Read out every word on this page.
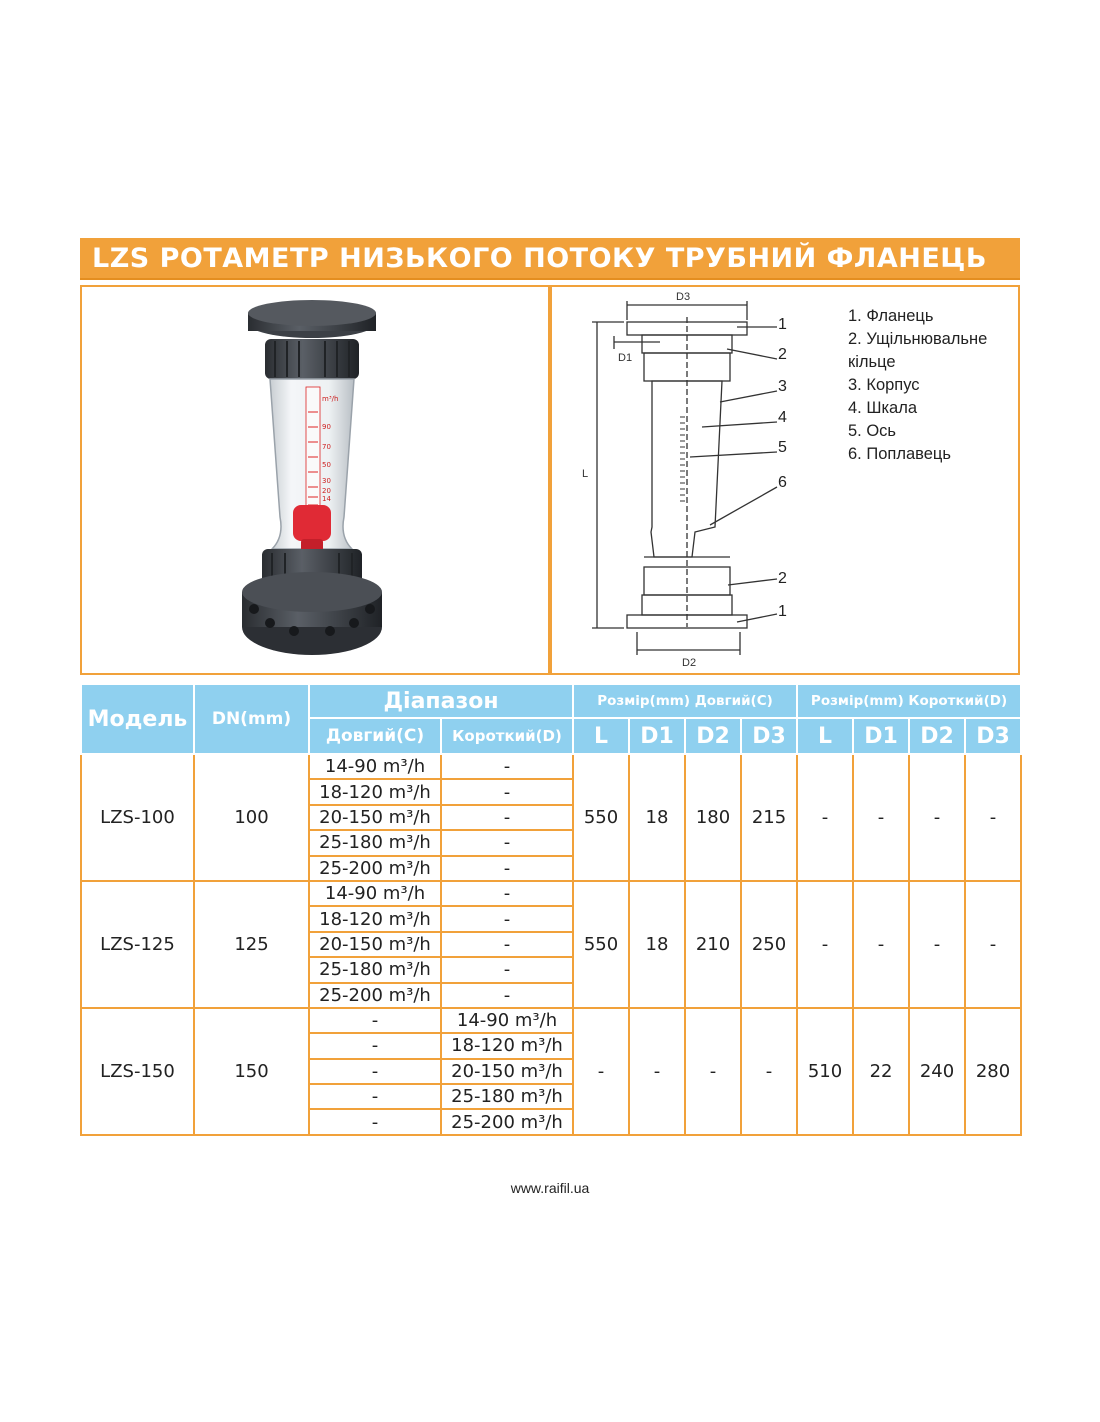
LZS РОТАМЕТР НИЗЬКОГО ПОТОКУ ТРУБНИЙ ФЛАНЕЦЬ
m³/h
90
70
50
30
20
14
D3
D1
L
D2
1
2
3
4
5
6
2
1
1. Фланець
2. Ущільнювальне
кільце
3. Корпус
4. Шкала
5. Ось
6. Поплавець
Модель	DN(mm)	Діапазон		Розмір(mm) Довгий(C)				Розмір(mm) Короткий(D)			
		Довгий(C)	Короткий(D)	L	D1	D2	D3	L	D1	D2	D3
LZS-100	100	14-90 m³/h	-	550	18	180	215	-	-	-	-
		18-120 m³/h	-								
		20-150 m³/h	-								
		25-180 m³/h	-								
		25-200 m³/h	-								
LZS-125	125	14-90 m³/h	-	550	18	210	250	-	-	-	-
		18-120 m³/h	-								
		20-150 m³/h	-								
		25-180 m³/h	-								
		25-200 m³/h	-								
LZS-150	150	-	14-90 m³/h	-	-	-	-	510	22	240	280
		-	18-120 m³/h								
		-	20-150 m³/h								
		-	25-180 m³/h								
		-	25-200 m³/h								
www.raifil.ua
